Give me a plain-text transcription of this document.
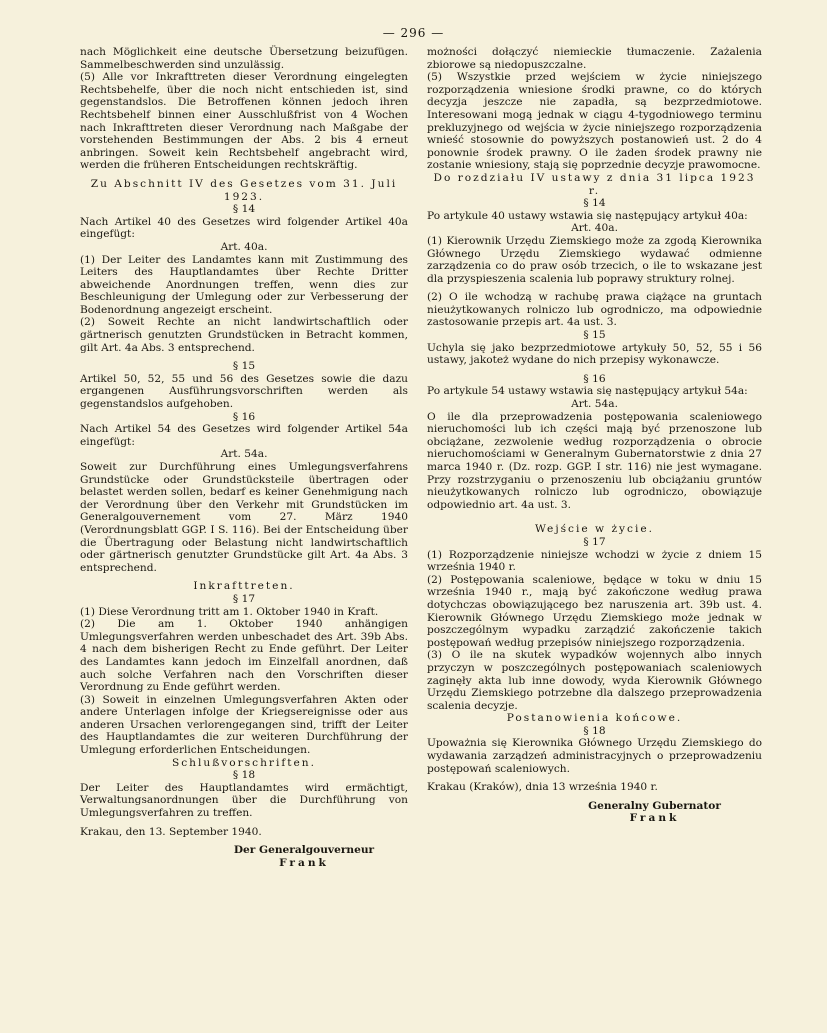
— 296 —

nach Möglichkeit eine deutsche Übersetzung beizufügen. Sammelbeschwerden sind unzulässig.

(5) Alle vor Inkrafttreten dieser Verordnung eingelegten Rechtsbehelfe, über die noch nicht entschieden ist, sind gegenstandslos. Die Betroffenen können jedoch ihren Rechtsbehelf binnen einer Ausschlußfrist von 4 Wochen nach Inkrafttreten dieser Verordnung nach Maßgabe der vorstehenden Bestimmungen der Abs. 2 bis 4 erneut anbringen. Soweit kein Rechtsbehelf angebracht wird, werden die früheren Entscheidungen rechtskräftig.

Zu Abschnitt IV des Gesetzes vom 31. Juli 1923.

§ 14

Nach Artikel 40 des Gesetzes wird folgender Artikel 40a eingefügt:

Art. 40a.

(1) Der Leiter des Landamtes kann mit Zustimmung des Leiters des Hauptlandamtes über Rechte Dritter abweichende Anordnungen treffen, wenn dies zur Beschleunigung der Umlegung oder zur Verbesserung der Bodenordnung angezeigt erscheint.

(2) Soweit Rechte an nicht landwirtschaftlich oder gärtnerisch genutzten Grundstücken in Betracht kommen, gilt Art. 4a Abs. 3 entsprechend.

§ 15

Artikel 50, 52, 55 und 56 des Gesetzes sowie die dazu ergangenen Ausführungsvorschriften werden als gegenstandslos aufgehoben.

§ 16

Nach Artikel 54 des Gesetzes wird folgender Artikel 54a eingefügt:

Art. 54a.

Soweit zur Durchführung eines Umlegungsverfahrens Grundstücke oder Grundstücksteile übertragen oder belastet werden sollen, bedarf es keiner Genehmigung nach der Verordnung über den Verkehr mit Grundstücken im Generalgouvernement vom 27. März 1940 (Verordnungsblatt GGP. I S. 116). Bei der Entscheidung über die Übertragung oder Belastung nicht landwirtschaftlich oder gärtnerisch genutzter Grundstücke gilt Art. 4a Abs. 3 entsprechend.

Inkrafttreten.

§ 17

(1) Diese Verordnung tritt am 1. Oktober 1940 in Kraft.

(2) Die am 1. Oktober 1940 anhängigen Umlegungsverfahren werden unbeschadet des Art. 39b Abs. 4 nach dem bisherigen Recht zu Ende geführt. Der Leiter des Landamtes kann jedoch im Einzelfall anordnen, daß auch solche Verfahren nach den Vorschriften dieser Verordnung zu Ende geführt werden.

(3) Soweit in einzelnen Umlegungsverfahren Akten oder andere Unterlagen infolge der Kriegsereignisse oder aus anderen Ursachen verlorengegangen sind, trifft der Leiter des Hauptlandamtes die zur weiteren Durchführung der Umlegung erforderlichen Entscheidungen.

Schlußvorschriften.

§ 18

Der Leiter des Hauptlandamtes wird ermächtigt, Verwaltungsanordnungen über die Durchführung von Umlegungsverfahren zu treffen.

Krakau, den 13. September 1940.

Der Generalgouverneur

Frank

możności dołączyć niemieckie tłumaczenie. Zażalenia zbiorowe są niedopuszczalne.

(5) Wszystkie przed wejściem w życie niniejszego rozporządzenia wniesione środki prawne, co do których decyzja jeszcze nie zapadła, są bezprzedmiotowe. Interesowani mogą jednak w ciągu 4-tygodniowego terminu prekluzyjnego od wejścia w życie niniejszego rozporządzenia wnieść stosownie do powyższych postanowień ust. 2 do 4 ponownie środek prawny. O ile żaden środek prawny nie zostanie wniesiony, stają się poprzednie decyzje prawomocne.

Do rozdziału IV ustawy z dnia 31 lipca 1923 r.

§ 14

Po artykule 40 ustawy wstawia się następujący artykuł 40a:

Art. 40a.

(1) Kierownik Urzędu Ziemskiego może za zgodą Kierownika Głównego Urzędu Ziemskiego wydawać odmienne zarządzenia co do praw osób trzecich, o ile to wskazane jest dla przyspieszenia scalenia lub poprawy struktury rolnej.

(2) O ile wchodzą w rachubę prawa ciążące na gruntach nieużytkowanych rolniczo lub ogrodniczo, ma odpowiednie zastosowanie przepis art. 4a ust. 3.

§ 15

Uchyla się jako bezprzedmiotowe artykuły 50, 52, 55 i 56 ustawy, jakoteż wydane do nich przepisy wykonawcze.

§ 16

Po artykule 54 ustawy wstawia się następujący artykuł 54a:

Art. 54a.

O ile dla przeprowadzenia postępowania scaleniowego nieruchomości lub ich części mają być przenoszone lub obciążane, zezwolenie według rozporządzenia o obrocie nieruchomościami w Generalnym Gubernatorstwie z dnia 27 marca 1940 r. (Dz. rozp. GGP. I str. 116) nie jest wymagane. Przy rozstrzyganiu o przenoszeniu lub obciążaniu gruntów nieużytkowanych rolniczo lub ogrodniczo, obowiązuje odpowiednio art. 4a ust. 3.

Wejście w życie.

§ 17

(1) Rozporządzenie niniejsze wchodzi w życie z dniem 15 września 1940 r.

(2) Postępowania scaleniowe, będące w toku w dniu 15 września 1940 r., mają być zakończone według prawa dotychczas obowiązującego bez naruszenia art. 39b ust. 4. Kierownik Głównego Urzędu Ziemskiego może jednak w poszczególnym wypadku zarządzić zakończenie takich postępowań według przepisów niniejszego rozporządzenia.

(3) O ile na skutek wypadków wojennych albo innych przyczyn w poszczególnych postępowaniach scaleniowych zaginęły akta lub inne dowody, wyda Kierownik Głównego Urzędu Ziemskiego potrzebne dla dalszego przeprowadzenia scalenia decyzje.

Postanowienia końcowe.

§ 18

Upoważnia się Kierownika Głównego Urzędu Ziemskiego do wydawania zarządzeń administracyjnych o przeprowadzeniu postępowań scaleniowych.

Krakau (Kraków), dnia 13 września 1940 r.

Generalny Gubernator

Frank
